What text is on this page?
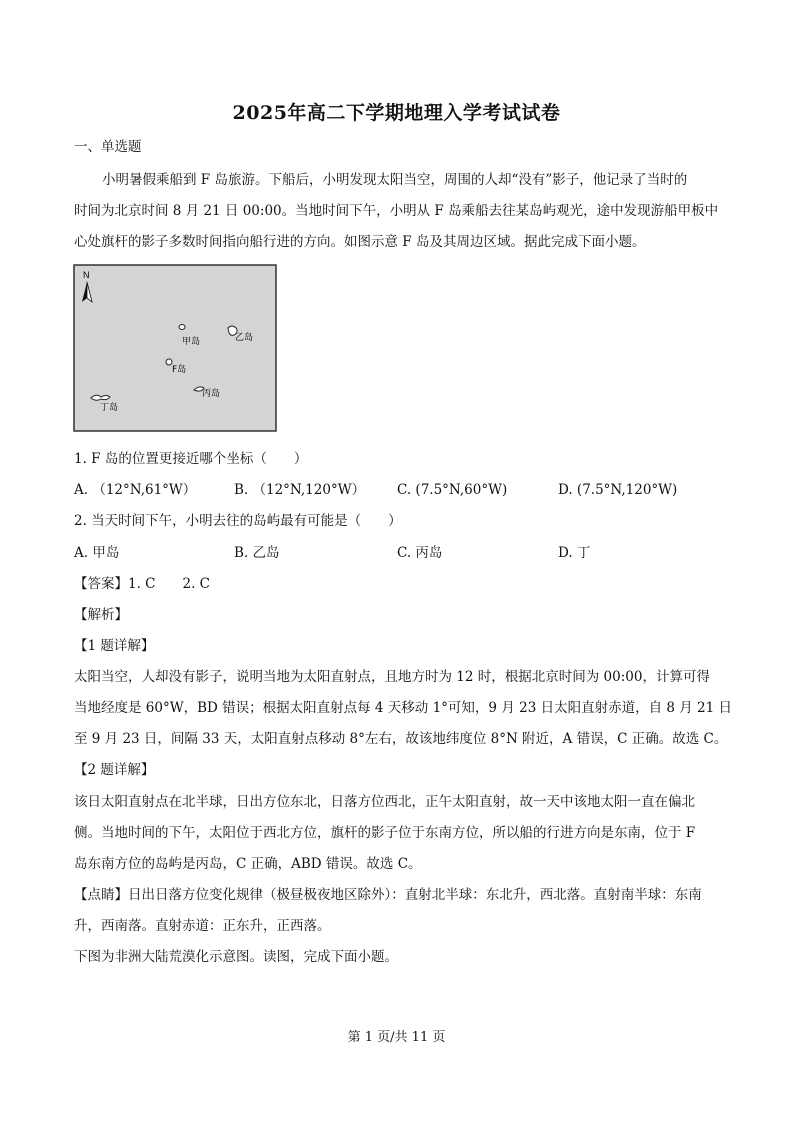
2025年高二下学期地理入学考试试卷
一、单选题
小明暑假乘船到 F 岛旅游。下船后，小明发现太阳当空，周围的人却“没有”影子，他记录了当时的
时间为北京时间 8 月 21 日 00:00。当地时间下午，小明从 F 岛乘船去往某岛屿观光，途中发现游船甲板中
心处旗杆的影子多数时间指向船行进的方向。如图示意 F 岛及其周边区域。据此完成下面小题。
N
甲岛	乙岛
F岛
丙岛
丁岛
1. F 岛的位置更接近哪个坐标（　　）
A. （12°N,61°W）	B. （12°N,120°W） C. (7.5°N,60°W)	D. (7.5°N,120°W)
2. 当天时间下午，小明去往的岛屿最有可能是（　　）
A. 甲岛	B. 乙岛	C. 丙岛	D. 丁
【答案】1. C　　2. C
【解析】
【1 题详解】
太阳当空，人却没有影子，说明当地为太阳直射点，且地方时为 12 时，根据北京时间为 00:00，计算可得
当地经度是 60°W，BD 错误；根据太阳直射点每 4 天移动 1°可知，9 月 23 日太阳直射赤道，自 8 月 21 日
至 9 月 23 日，间隔 33 天，太阳直射点移动 8°左右，故该地纬度位 8°N 附近，A 错误，C 正确。故选 C。
【2 题详解】
该日太阳直射点在北半球，日出方位东北，日落方位西北，正午太阳直射，故一天中该地太阳一直在偏北
侧。当地时间的下午，太阳位于西北方位，旗杆的影子位于东南方位，所以船的行进方向是东南，位于 F
岛东南方位的岛屿是丙岛，C 正确，ABD 错误。故选 C。
【点睛】日出日落方位变化规律（极昼极夜地区除外）：直射北半球：东北升，西北落。直射南半球：东南
升，西南落。直射赤道：正东升，正西落。
下图为非洲大陆荒漠化示意图。读图，完成下面小题。
第 1 页/共 11 页
